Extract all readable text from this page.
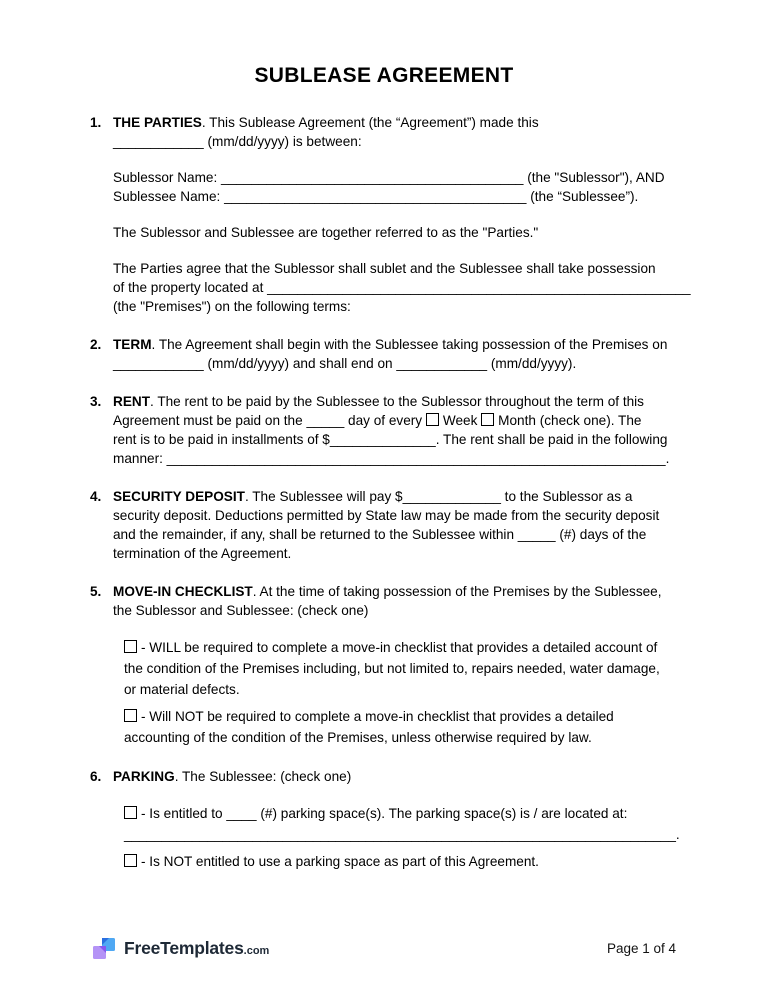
SUBLEASE AGREEMENT
1. THE PARTIES. This Sublease Agreement (the “Agreement”) made this
____________ (mm/dd/yyyy) is between:
Sublessor Name: ________________________________________ (the "Sublessor"), AND
Sublessee Name: ________________________________________ (the “Sublessee”).
The Sublessor and Sublessee are together referred to as the "Parties."
The Parties agree that the Sublessor shall sublet and the Sublessee shall take possession
of the property located at ________________________________________________________
(the "Premises") on the following terms:
2. TERM. The Agreement shall begin with the Sublessee taking possession of the Premises on
____________ (mm/dd/yyyy) and shall end on ____________ (mm/dd/yyyy).
3. RENT. The rent to be paid by the Sublessee to the Sublessor throughout the term of this
Agreement must be paid on the _____ day of every Week Month (check one). The
rent is to be paid in installments of $______________. The rent shall be paid in the following
manner: __________________________________________________________________.
4. SECURITY DEPOSIT. The Sublessee will pay $_____________ to the Sublessor as a
security deposit. Deductions permitted by State law may be made from the security deposit
and the remainder, if any, shall be returned to the Sublessee within _____ (#) days of the
termination of the Agreement.
5. MOVE-IN CHECKLIST. At the time of taking possession of the Premises by the Sublessee,
the Sublessor and Sublessee: (check one)
- WILL be required to complete a move-in checklist that provides a detailed account of
the condition of the Premises including, but not limited to, repairs needed, water damage,
or material defects.
- Will NOT be required to complete a move-in checklist that provides a detailed
accounting of the condition of the Premises, unless otherwise required by law.
6. PARKING. The Sublessee: (check one)
- Is entitled to ____ (#) parking space(s). The parking space(s) is / are located at:
_________________________________________________________________________.
- Is NOT entitled to use a parking space as part of this Agreement.
FreeTemplates.com	Page 1 of 4
